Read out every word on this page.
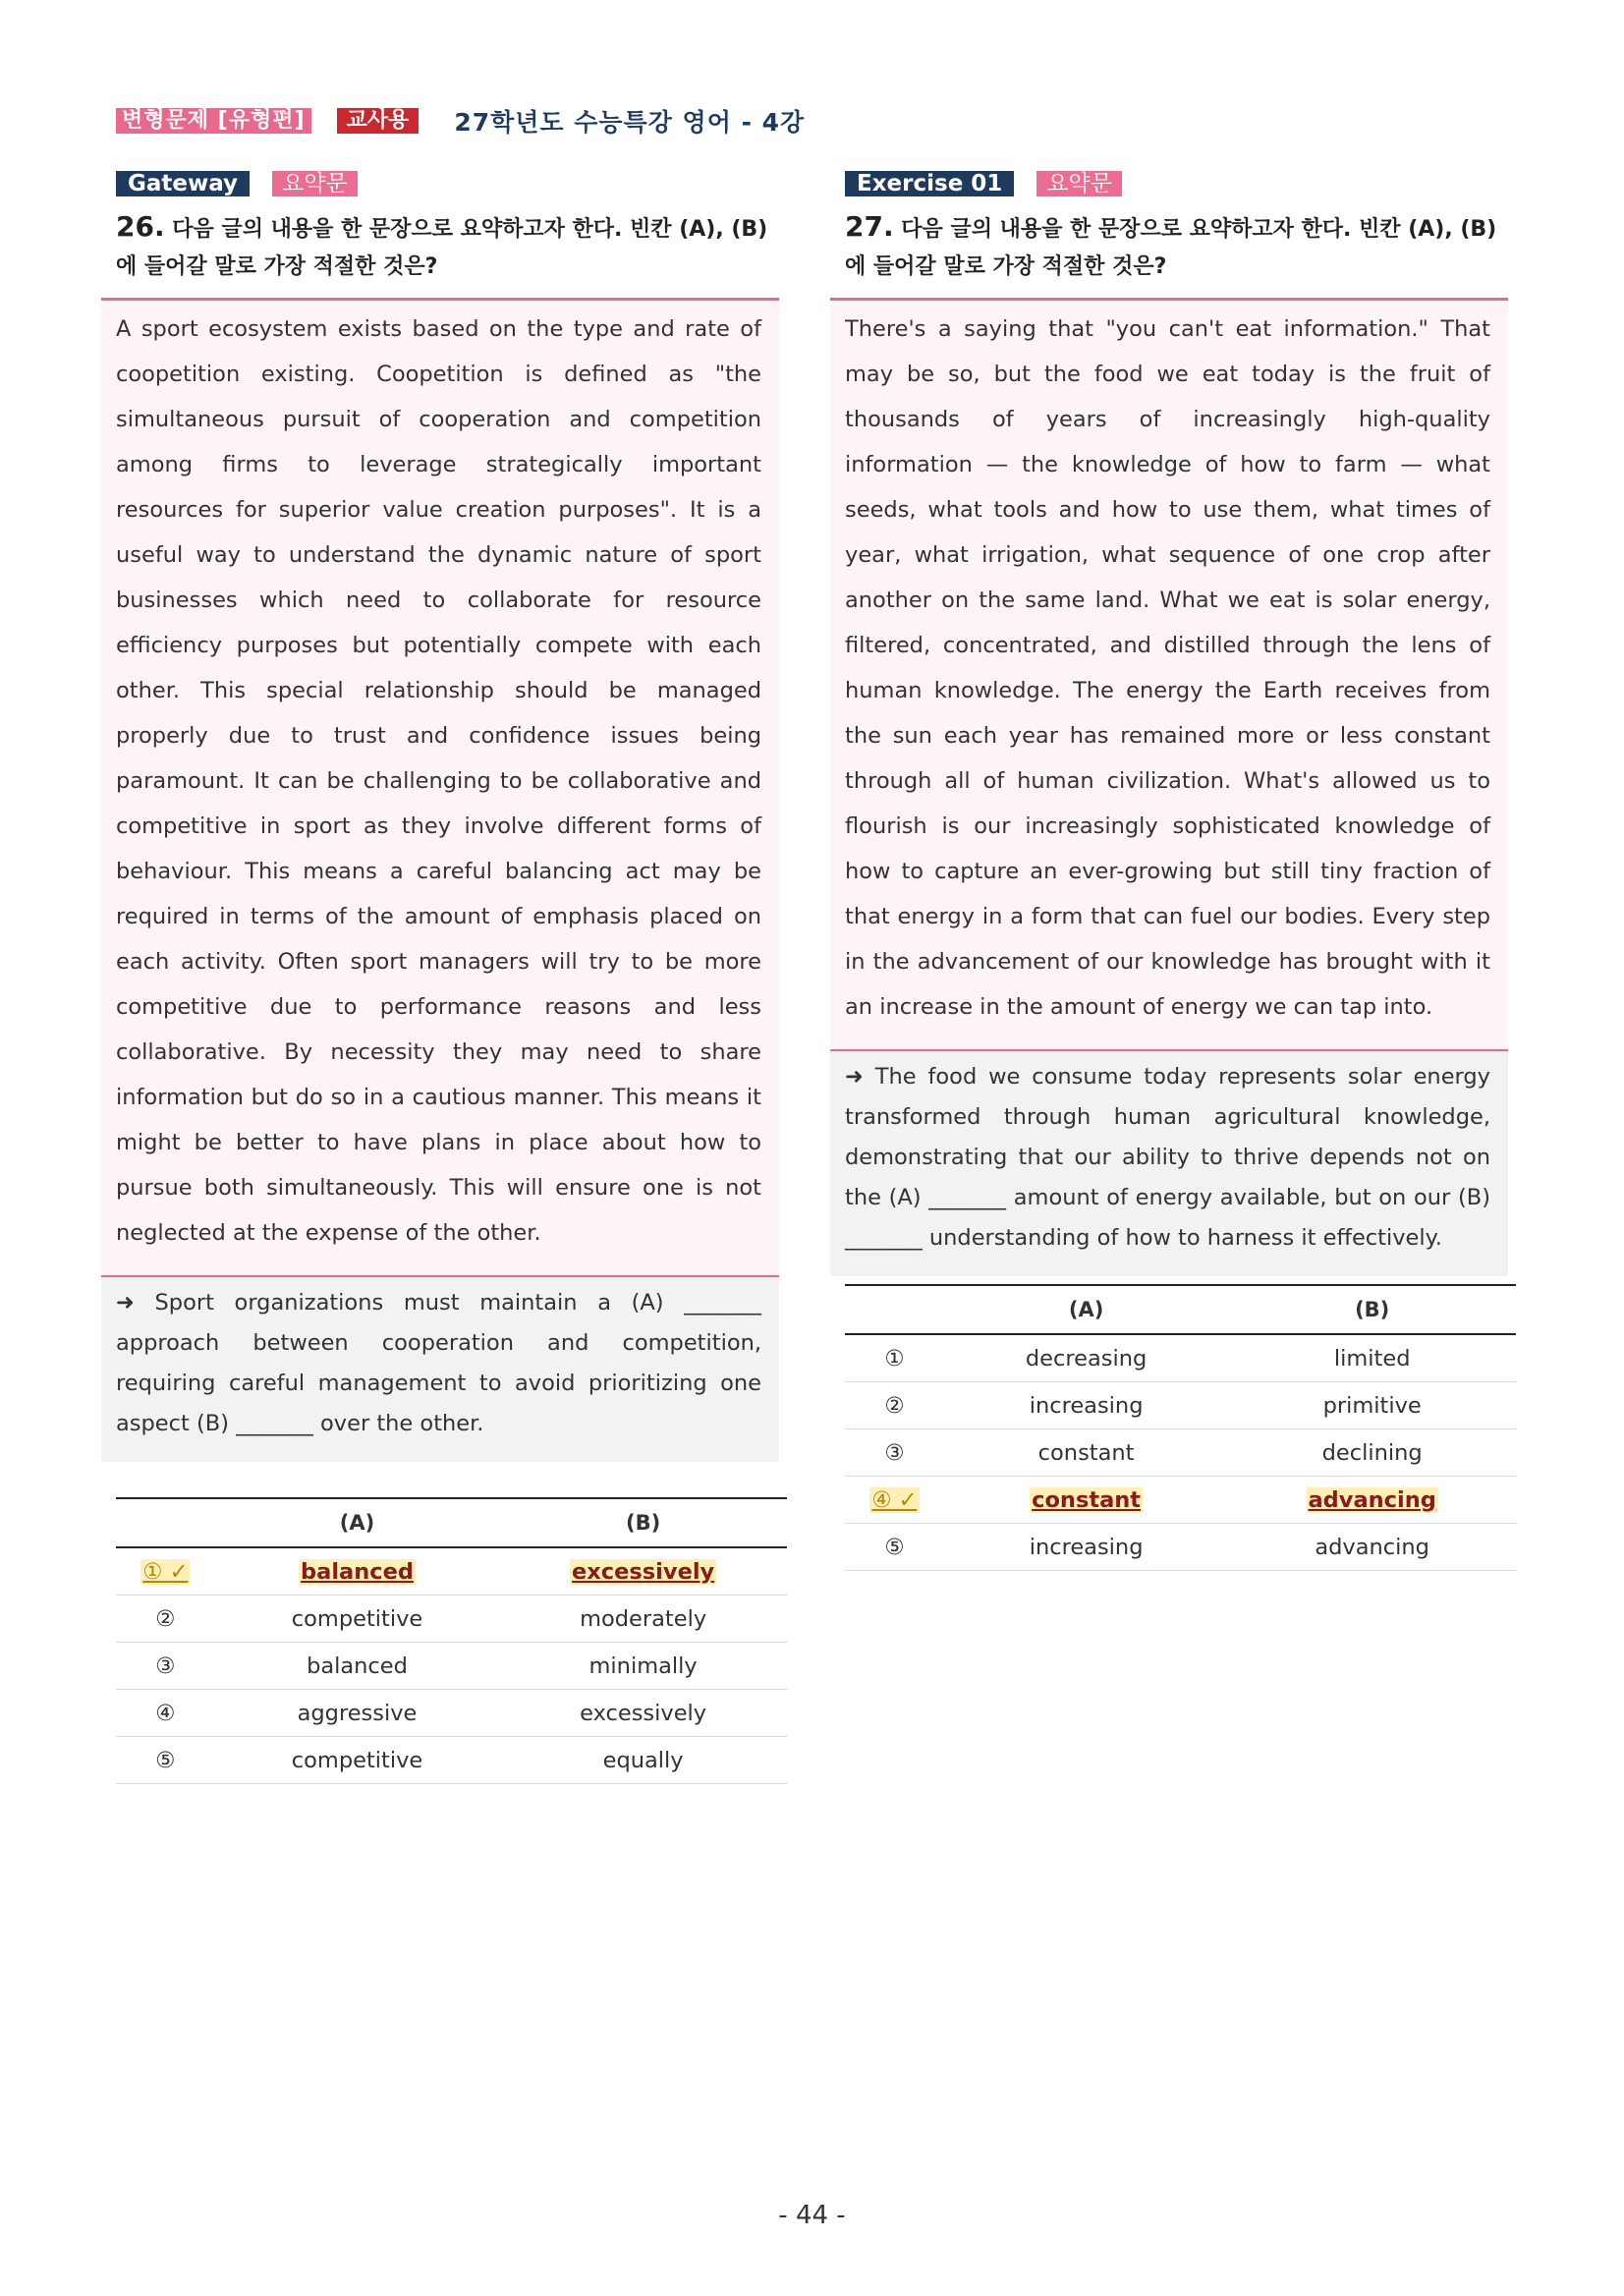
변형문제 [유형편]	교사용	27학년도 수능특강 영어 - 4강
Gateway	요약문
26. 다음 글의 내용을 한 문장으로 요약하고자 한다. 빈칸 (A), (B)에 들어갈 말로 가장 적절한 것은?
A sport ecosystem exists based on the type and rate of coopetition existing. Coopetition is defined as "the simultaneous pursuit of cooperation and competition among firms to leverage strategically important resources for superior value creation purposes". It is a useful way to understand the dynamic nature of sport businesses which need to collaborate for resource efficiency purposes but potentially compete with each other. This special relationship should be managed properly due to trust and confidence issues being paramount. It can be challenging to be collaborative and competitive in sport as they involve different forms of behaviour. This means a careful balancing act may be required in terms of the amount of emphasis placed on each activity. Often sport managers will try to be more competitive due to performance reasons and less collaborative. By necessity they may need to share information but do so in a cautious manner. This means it might be better to have plans in place about how to pursue both simultaneously. This will ensure one is not neglected at the expense of the other.
➜ Sport organizations must maintain a (A) _______ approach between cooperation and competition, requiring careful management to avoid prioritizing one aspect (B) _______ over the other.
	(A)	(B)
① ✓	balanced	excessively
②	competitive	moderately
③	balanced	minimally
④	aggressive	excessively
⑤	competitive	equally
Exercise 01	요약문
27. 다음 글의 내용을 한 문장으로 요약하고자 한다. 빈칸 (A), (B)에 들어갈 말로 가장 적절한 것은?
There's a saying that "you can't eat information." That may be so, but the food we eat today is the fruit of thousands of years of increasingly high-quality information — the knowledge of how to farm — what seeds, what tools and how to use them, what times of year, what irrigation, what sequence of one crop after another on the same land. What we eat is solar energy, filtered, concentrated, and distilled through the lens of human knowledge. The energy the Earth receives from the sun each year has remained more or less constant through all of human civilization. What's allowed us to flourish is our increasingly sophisticated knowledge of how to capture an ever-growing but still tiny fraction of that energy in a form that can fuel our bodies. Every step in the advancement of our knowledge has brought with it an increase in the amount of energy we can tap into.
➜ The food we consume today represents solar energy transformed through human agricultural knowledge, demonstrating that our ability to thrive depends not on the (A) _______ amount of energy available, but on our (B) _______ understanding of how to harness it effectively.
	(A)	(B)
①	decreasing	limited
②	increasing	primitive
③	constant	declining
④ ✓	constant	advancing
⑤	increasing	advancing
- 44 -
